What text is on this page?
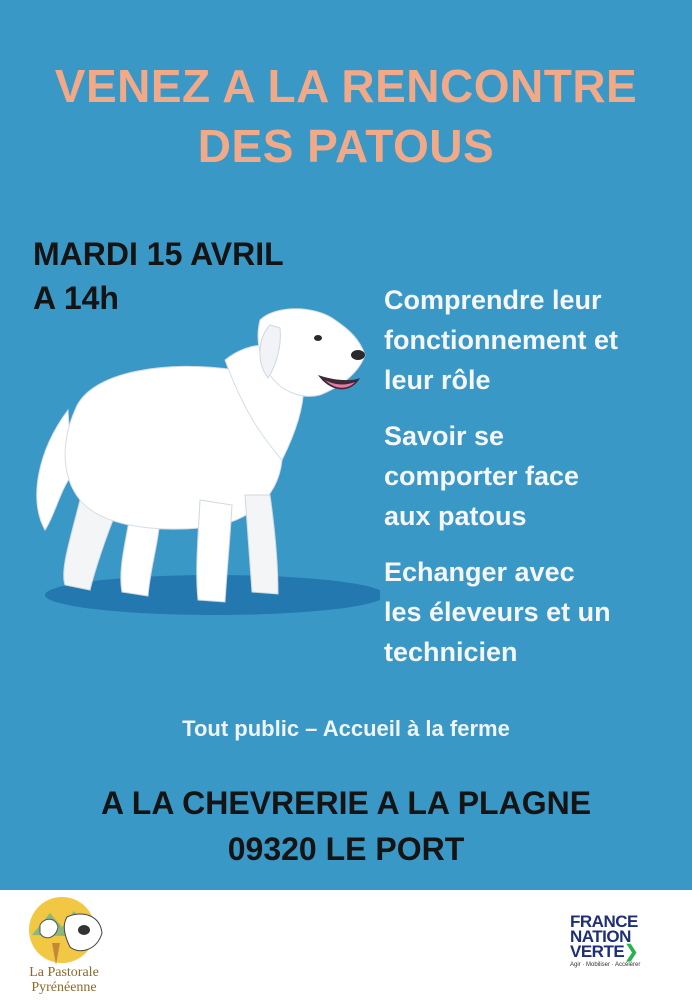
VENEZ A LA RENCONTRE
DES PATOUS
MARDI 15 AVRIL
A 14h	Comprendre leur
fonctionnement et
leur rôle
Savoir se
comporter face
aux patous
Echanger avec
les éleveurs et un
technicien
Tout public – Accueil à la ferme
A LA CHEVRERIE A LA PLAGNE
09320 LE PORT
La Pastorale
Pyrénéenne
FRANCE
NATION
VERTE❯
Agir · Mobiliser · Accélérer
